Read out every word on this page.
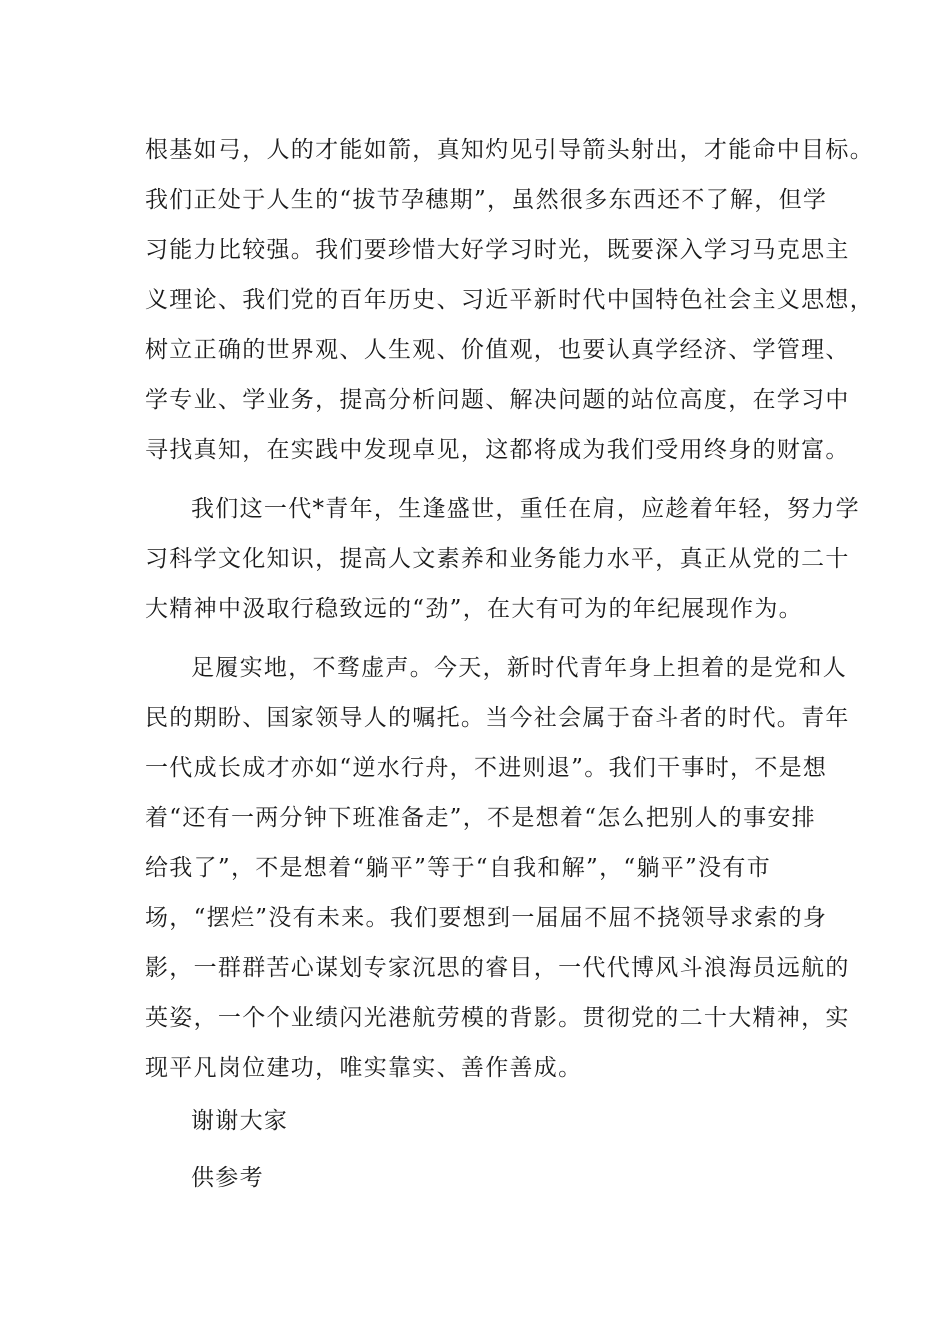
根基如弓，人的才能如箭，真知灼见引导箭头射出，才能命中目标。
我们正处于人生的“拔节孕穗期”，虽然很多东西还不了解，但学
习能力比较强。我们要珍惜大好学习时光，既要深入学习马克思主
义理论、我们党的百年历史、习近平新时代中国特色社会主义思想，
树立正确的世界观、人生观、价值观，也要认真学经济、学管理、
学专业、学业务，提高分析问题、解决问题的站位高度，在学习中
寻找真知，在实践中发现卓见，这都将成为我们受用终身的财富。
我们这一代*青年，生逢盛世，重任在肩，应趁着年轻，努力学
习科学文化知识，提高人文素养和业务能力水平，真正从党的二十
大精神中汲取行稳致远的“劲”，在大有可为的年纪展现作为。
足履实地，不骛虚声。今天，新时代青年身上担着的是党和人
民的期盼、国家领导人的嘱托。当今社会属于奋斗者的时代。青年
一代成长成才亦如“逆水行舟，不进则退”。我们干事时，不是想
着“还有一两分钟下班准备走”，不是想着“怎么把别人的事安排
给我了”，不是想着“躺平”等于“自我和解”，“躺平”没有市
场，“摆烂”没有未来。我们要想到一届届不屈不挠领导求索的身
影，一群群苦心谋划专家沉思的睿目，一代代博风斗浪海员远航的
英姿，一个个业绩闪光港航劳模的背影。贯彻党的二十大精神，实
现平凡岗位建功，唯实靠实、善作善成。
谢谢大家
供参考
